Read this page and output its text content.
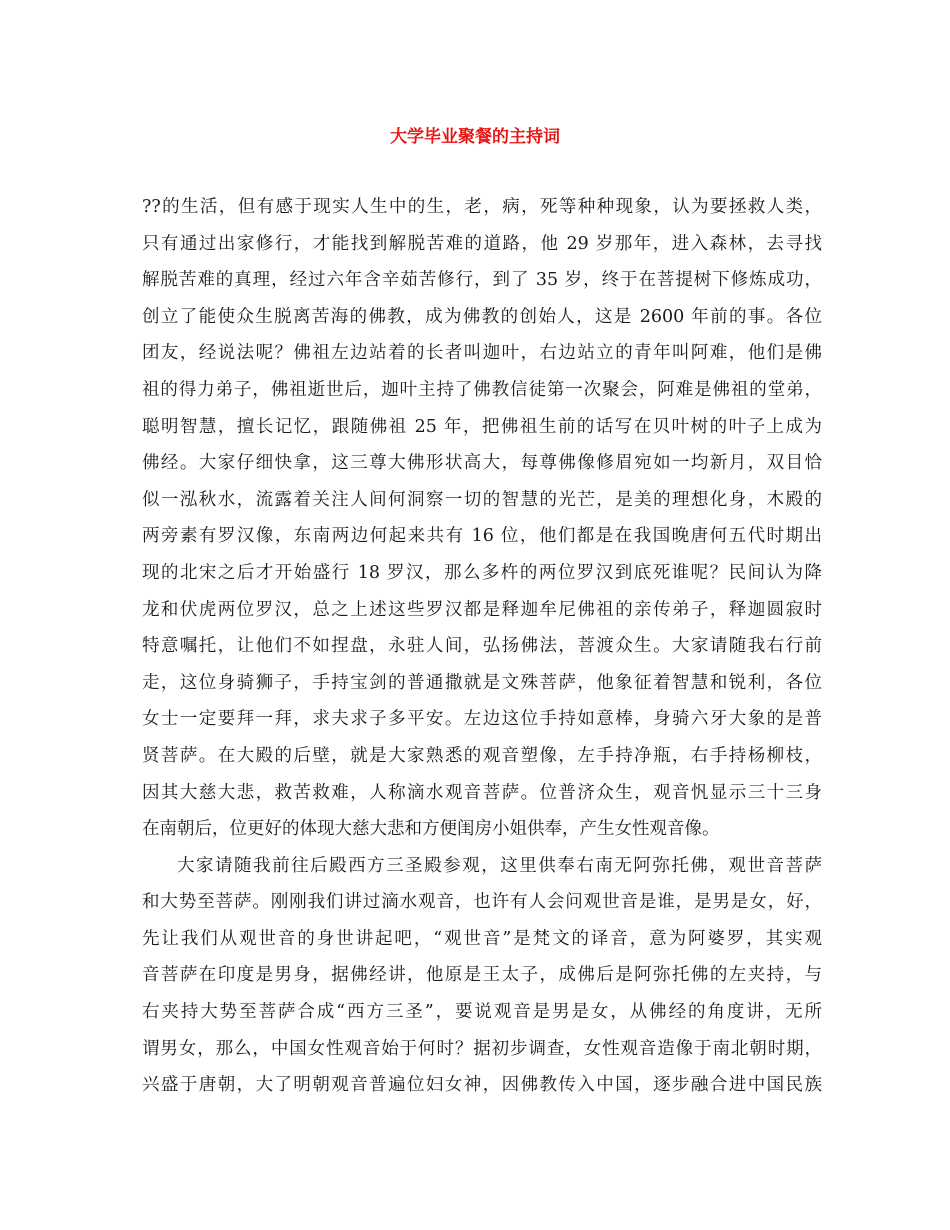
大学毕业聚餐的主持词
??的生活，但有感于现实人生中的生，老，病，死等种种现象，认为要拯救人类，
只有通过出家修行，才能找到解脱苦难的道路，他 29 岁那年，进入森林，去寻找
解脱苦难的真理，经过六年含辛茹苦修行，到了 35 岁，终于在菩提树下修炼成功，
创立了能使众生脱离苦海的佛教，成为佛教的创始人，这是 2600 年前的事。各位
团友，经说法呢？佛祖左边站着的长者叫迦叶，右边站立的青年叫阿难，他们是佛
祖的得力弟子，佛祖逝世后，迦叶主持了佛教信徒第一次聚会，阿难是佛祖的堂弟，
聪明智慧，擅长记忆，跟随佛祖 25 年，把佛祖生前的话写在贝叶树的叶子上成为
佛经。大家仔细快拿，这三尊大佛形状高大，每尊佛像修眉宛如一均新月，双目恰
似一泓秋水，流露着关注人间何洞察一切的智慧的光芒，是美的理想化身，木殿的
两旁素有罗汉像，东南两边何起来共有 16 位，他们都是在我国晚唐何五代时期出
现的北宋之后才开始盛行 18 罗汉，那么多杵的两位罗汉到底死谁呢？民间认为降
龙和伏虎两位罗汉，总之上述这些罗汉都是释迦牟尼佛祖的亲传弟子，释迦圆寂时
特意嘱托，让他们不如捏盘，永驻人间，弘扬佛法，菩渡众生。大家请随我右行前
走，这位身骑狮子，手持宝剑的普通撒就是文殊菩萨，他象征着智慧和锐利，各位
女士一定要拜一拜，求夫求子多平安。左边这位手持如意棒，身骑六牙大象的是普
贤菩萨。在大殿的后壁，就是大家熟悉的观音塑像，左手持净瓶，右手持杨柳枝，
因其大慈大悲，救苦救难，人称滴水观音菩萨。位普济众生，观音忛显示三十三身
在南朝后，位更好的体现大慈大悲和方便闺房小姐供奉，产生女性观音像。
大家请随我前往后殿西方三圣殿参观，这里供奉右南无阿弥托佛，观世音菩萨
和大势至菩萨。刚刚我们讲过滴水观音，也许有人会问观世音是谁，是男是女，好，
先让我们从观世音的身世讲起吧，“观世音”是梵文的译音，意为阿婆罗，其实观
音菩萨在印度是男身，据佛经讲，他原是王太子，成佛后是阿弥托佛的左夹持，与
右夹持大势至菩萨合成“西方三圣”，要说观音是男是女，从佛经的角度讲，无所
谓男女，那么，中国女性观音始于何时？据初步调查，女性观音造像于南北朝时期，
兴盛于唐朝，大了明朝观音普遍位妇女神，因佛教传入中国，逐步融合进中国民族
